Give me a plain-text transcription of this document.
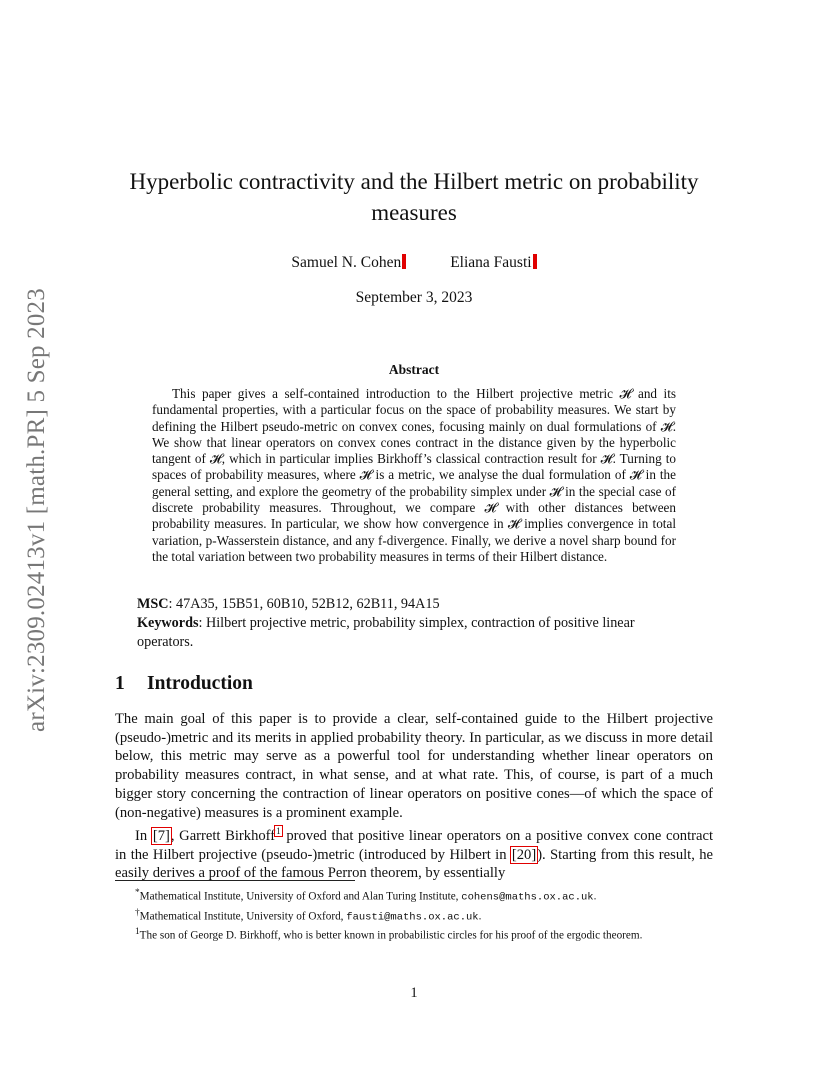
arXiv:2309.02413v1 [math.PR] 5 Sep 2023
Hyperbolic contractivity and the Hilbert metric on probability measures
Samuel N. Cohen	Eliana Fausti
September 3, 2023
Abstract

This paper gives a self-contained introduction to the Hilbert projective metric 𝓗 and its fundamental properties, with a particular focus on the space of probability measures. We start by defining the Hilbert pseudo-metric on convex cones, focusing mainly on dual formulations of 𝓗. We show that linear operators on convex cones contract in the distance given by the hyperbolic tangent of 𝓗, which in particular implies Birkhoff’s classical contraction result for 𝓗. Turning to spaces of probability measures, where 𝓗 is a metric, we analyse the dual formulation of 𝓗 in the general setting, and explore the geometry of the probability simplex under 𝓗 in the special case of discrete probability measures. Throughout, we compare 𝓗 with other distances between probability measures. In particular, we show how convergence in 𝓗 implies convergence in total variation, p-Wasserstein distance, and any f-divergence. Finally, we derive a novel sharp bound for the total variation between two probability measures in terms of their Hilbert distance.

MSC: 47A35, 15B51, 60B10, 52B12, 62B11, 94A15
Keywords: Hilbert projective metric, probability simplex, contraction of positive linear operators.

1 Introduction

The main goal of this paper is to provide a clear, self-contained guide to the Hilbert projective (pseudo-)metric and its merits in applied probability theory. In particular, as we discuss in more detail below, this metric may serve as a powerful tool for understanding whether linear operators on probability measures contract, in what sense, and at what rate. This, of course, is part of a much bigger story concerning the contraction of linear operators on positive cones—of which the space of (non-negative) measures is a prominent example.

In [7], Garrett Birkhoff$^1$ proved that positive linear operators on a positive convex cone contract in the Hilbert projective (pseudo-)metric (introduced by Hilbert in [20]). Starting from this result, he easily derives a proof of the famous Perron theorem, by essentially

*Mathematical Institute, University of Oxford and Alan Turing Institute, cohens@maths.ox.ac.uk.

†Mathematical Institute, University of Oxford, fausti@maths.ox.ac.uk.

$^1$The son of George D. Birkhoff, who is better known in probabilistic circles for his proof of the ergodic theorem.

1
